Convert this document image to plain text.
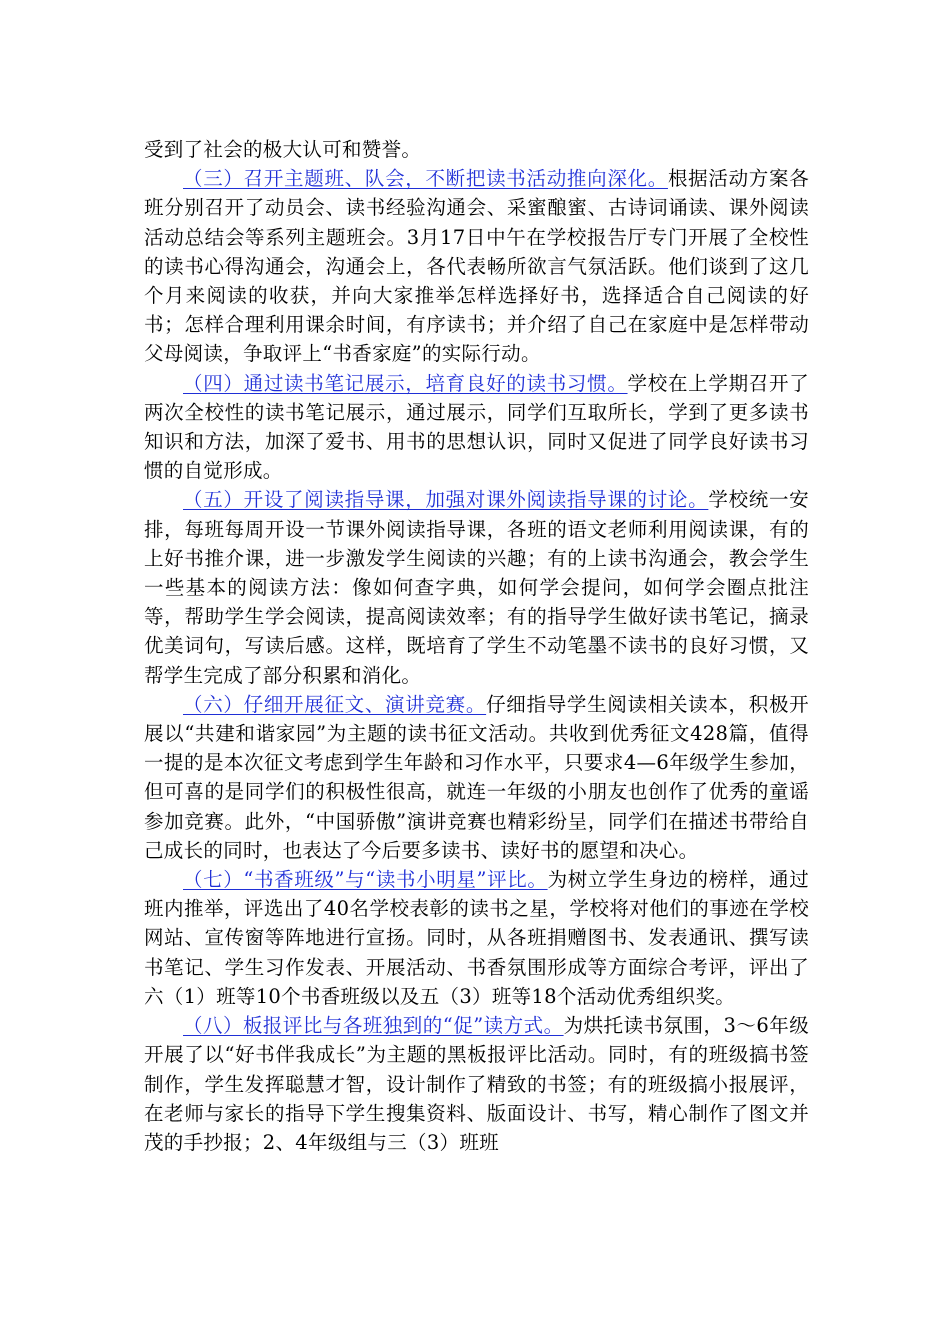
受到了社会的极大认可和赞誉。

（三）召开主题班、队会，不断把读书活动推向深化。根据活动方案各班分别召开了动员会、读书经验沟通会、采蜜酿蜜、古诗词诵读、课外阅读活动总结会等系列主题班会。3月17日中午在学校报告厅专门开展了全校性的读书心得沟通会，沟通会上，各代表畅所欲言气氛活跃。他们谈到了这几个月来阅读的收获，并向大家推举怎样选择好书，选择适合自己阅读的好书；怎样合理利用课余时间，有序读书；并介绍了自己在家庭中是怎样带动父母阅读，争取评上“书香家庭”的实际行动。

（四）通过读书笔记展示，培育良好的读书习惯。学校在上学期召开了两次全校性的读书笔记展示，通过展示，同学们互取所长，学到了更多读书知识和方法，加深了爱书、用书的思想认识，同时又促进了同学良好读书习惯的自觉形成。

（五）开设了阅读指导课，加强对课外阅读指导课的讨论。学校统一安排，每班每周开设一节课外阅读指导课，各班的语文老师利用阅读课，有的上好书推介课，进一步激发学生阅读的兴趣；有的上读书沟通会，教会学生一些基本的阅读方法：像如何查字典，如何学会提问，如何学会圈点批注等，帮助学生学会阅读，提高阅读效率；有的指导学生做好读书笔记，摘录优美词句，写读后感。这样，既培育了学生不动笔墨不读书的良好习惯，又帮学生完成了部分积累和消化。

（六）仔细开展征文、演讲竞赛。仔细指导学生阅读相关读本，积极开展以“共建和谐家园”为主题的读书征文活动。共收到优秀征文428篇，值得一提的是本次征文考虑到学生年龄和习作水平，只要求4—6年级学生参加，但可喜的是同学们的积极性很高，就连一年级的小朋友也创作了优秀的童谣参加竞赛。此外，“中国骄傲”演讲竞赛也精彩纷呈，同学们在描述书带给自己成长的同时，也表达了今后要多读书、读好书的愿望和决心。

（七）“书香班级”与“读书小明星”评比。为树立学生身边的榜样，通过班内推举，评选出了40名学校表彰的读书之星，学校将对他们的事迹在学校网站、宣传窗等阵地进行宣扬。同时，从各班捐赠图书、发表通讯、撰写读书笔记、学生习作发表、开展活动、书香氛围形成等方面综合考评，评出了六（1）班等10个书香班级以及五（3）班等18个活动优秀组织奖。

（八）板报评比与各班独到的“促”读方式。为烘托读书氛围，3～6年级开展了以“好书伴我成长”为主题的黑板报评比活动。同时，有的班级搞书签制作，学生发挥聪慧才智，设计制作了精致的书签；有的班级搞小报展评，在老师与家长的指导下学生搜集资料、版面设计、书写，精心制作了图文并茂的手抄报；2、4年级组与三（3）班班
